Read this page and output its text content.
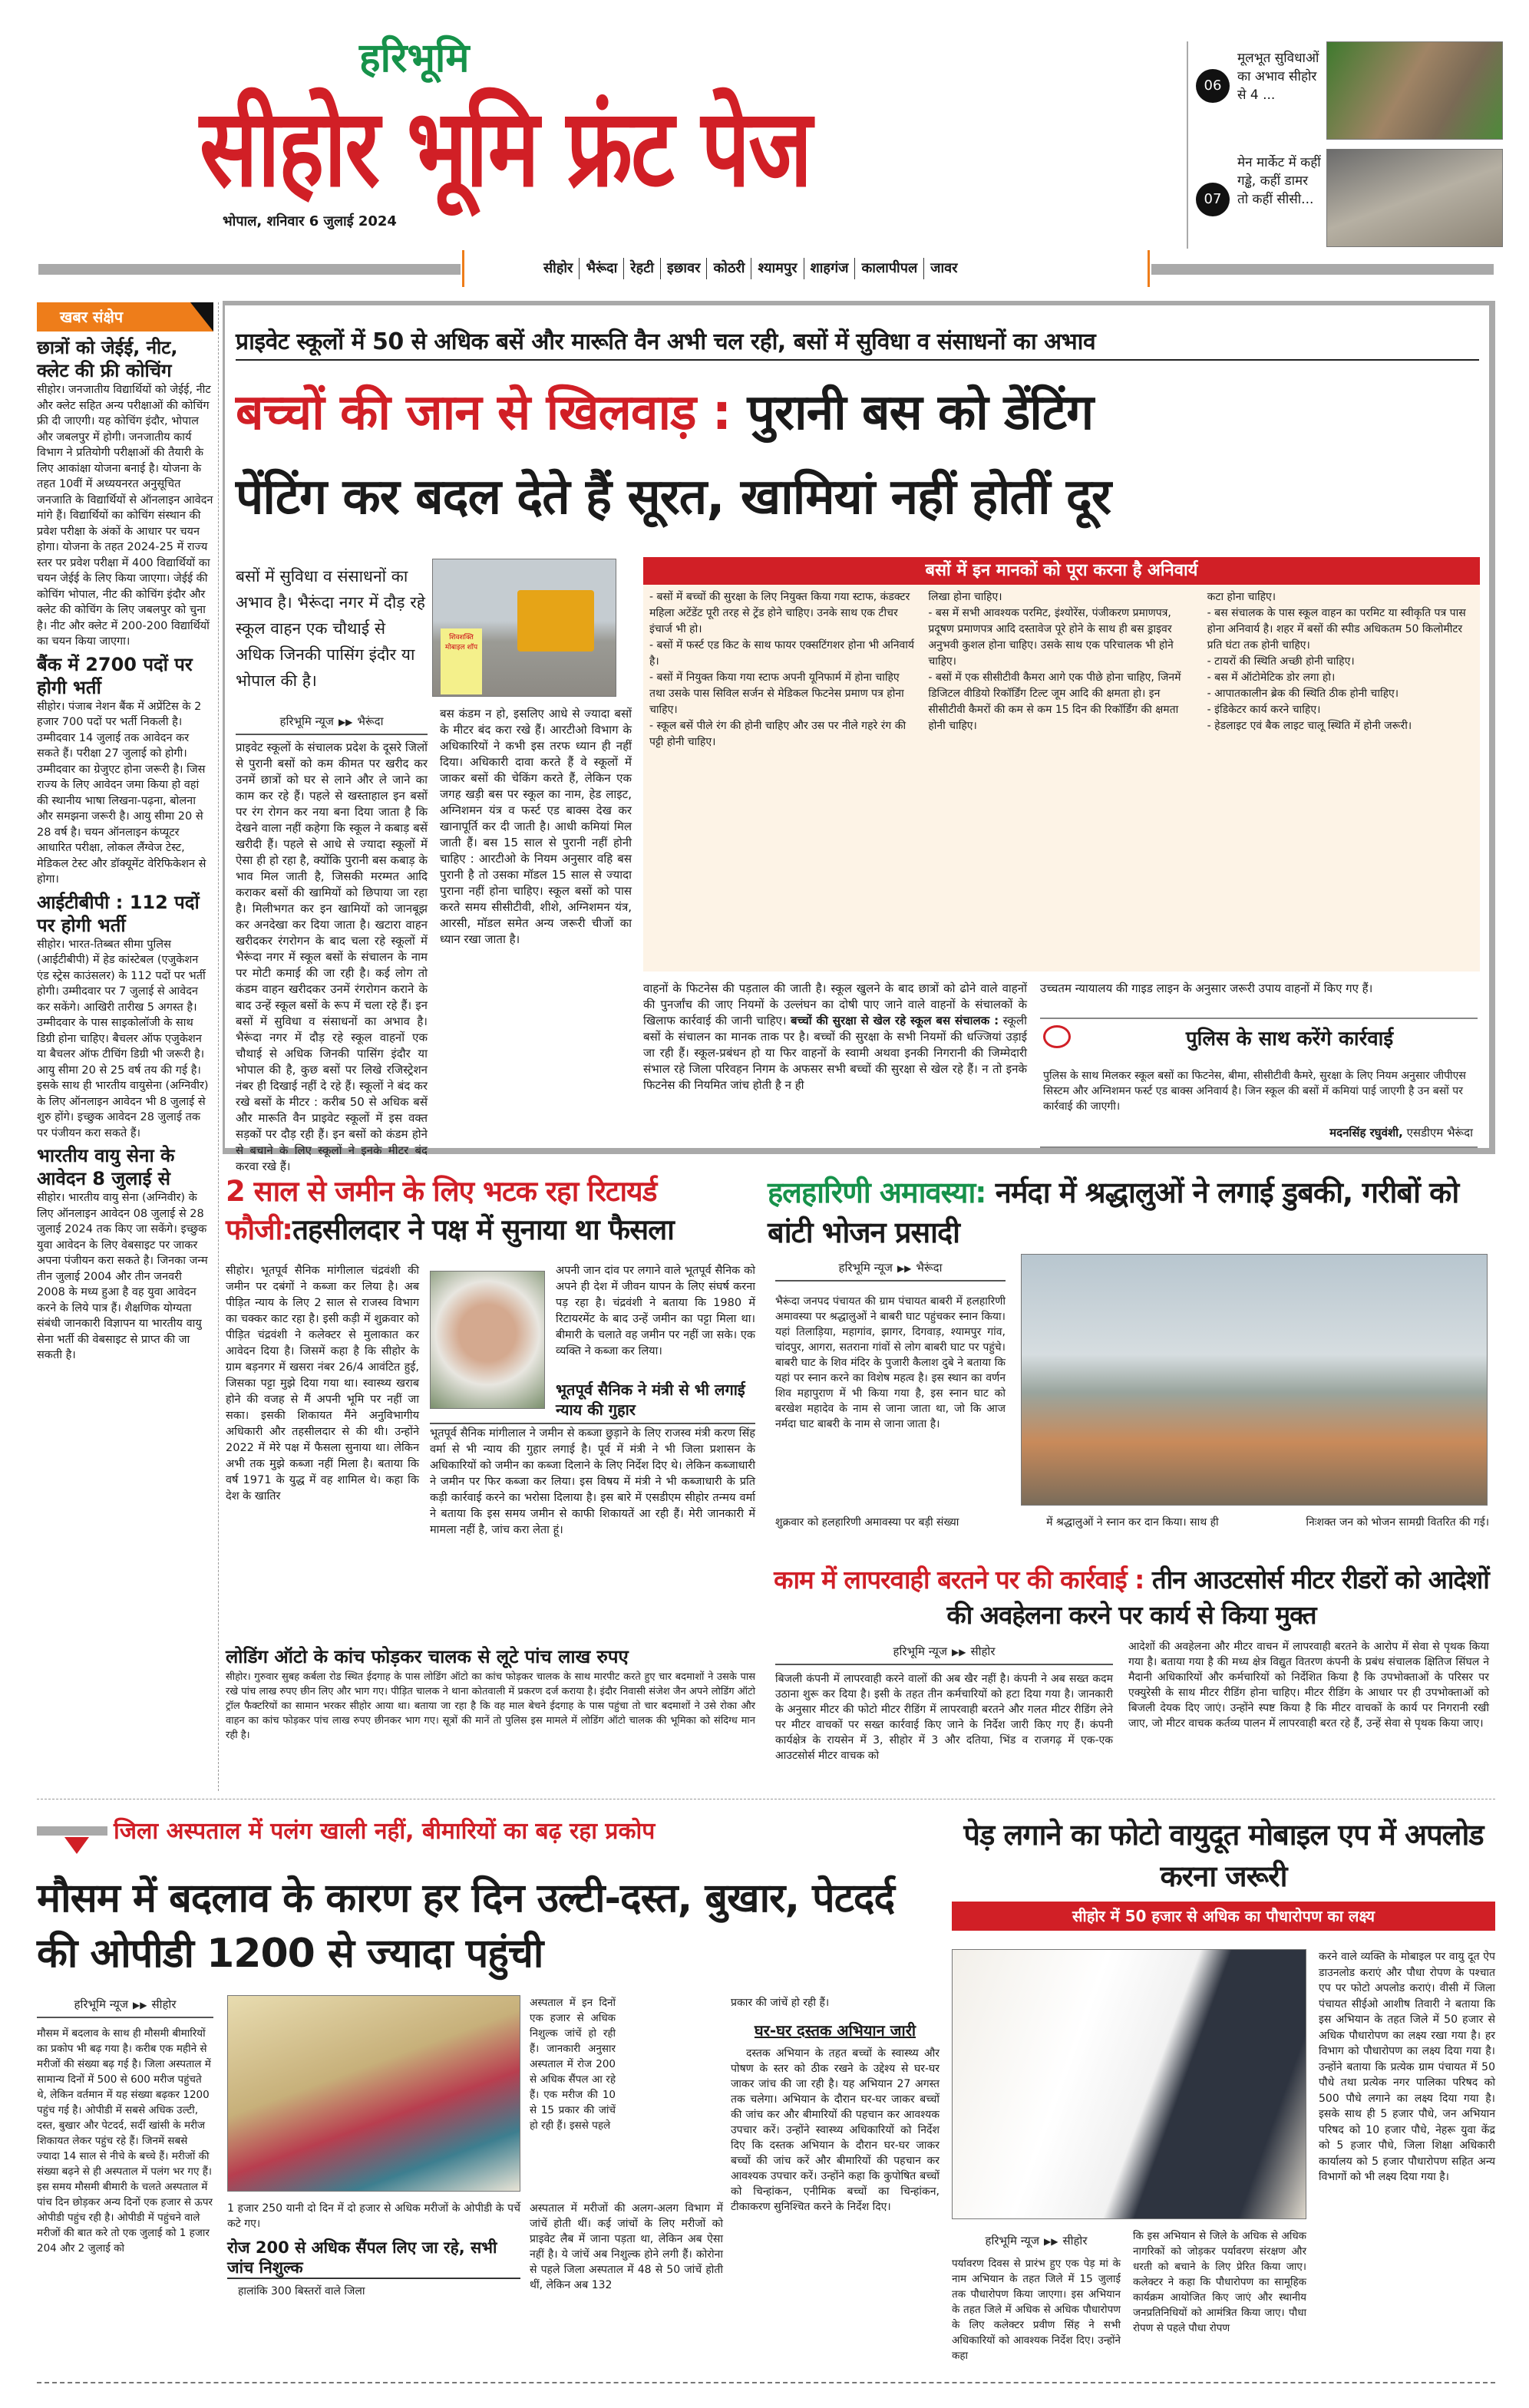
हरिभूमि
सीहोर भूमि फ्रंट पेज
भोपाल, शनिवार 6 जुलाई 2024
06
मूलभूत सुविधाओं का अभाव सीहोर से 4 ...
07
मेन मार्केट में कहीं गड्ढे, कहीं डामर तो कहीं सीसी...
सीहोर भैरूंदा रेहटी इछावर कोठरी श्यामपुर शाहगंज कालापीपल जावर
खबर संक्षेप
छात्रों को जेईई, नीट, क्लेट की फ्री कोचिंग

सीहोर। जनजातीय विद्यार्थियों को जेईई, नीट और क्लेट सहित अन्य परीक्षाओं की कोचिंग फ्री दी जाएगी। यह कोचिंग इंदौर, भोपाल और जबलपुर में होगी। जनजातीय कार्य विभाग ने प्रतियोगी परीक्षाओं की तैयारी के लिए आकांक्षा योजना बनाई है। योजना के तहत 10वीं में अध्ययनरत अनुसूचित जनजाति के विद्यार्थियों से ऑनलाइन आवेदन मांगे हैं। विद्यार्थियों का कोचिंग संस्थान की प्रवेश परीक्षा के अंकों के आधार पर चयन होगा। योजना के तहत 2024-25 में राज्य स्तर पर प्रवेश परीक्षा में 400 विद्यार्थियों का चयन जेईई के लिए किया जाएगा। जेईई की कोचिंग भोपाल, नीट की कोचिंग इंदौर और क्लेट की कोचिंग के लिए जबलपुर को चुना है। नीट और क्लेट में 200-200 विद्यार्थियों का चयन किया जाएगा।

बैंक में 2700 पदों पर होगी भर्ती

सीहोर। पंजाब नेशन बैंक में अप्रेंटिस के 2 हजार 700 पदों पर भर्ती निकली है। उम्मीदवार 14 जुलाई तक आवेदन कर सकते हैं। परीक्षा 27 जुलाई को होगी। उम्मीदवार का ग्रेजुएट होना जरूरी है। जिस राज्य के लिए आवेदन जमा किया हो वहां की स्थानीय भाषा लिखना-पढ़ना, बोलना और समझना जरूरी है। आयु सीमा 20 से 28 वर्ष है। चयन ऑनलाइन कंप्यूटर आधारित परीक्षा, लोकल लैंग्वेज टेस्ट, मेडिकल टेस्ट और डॉक्यूमेंट वेरिफिकेशन से होगा।

आईटीबीपी : 112 पदों पर होगी भर्ती

सीहोर। भारत-तिब्बत सीमा पुलिस (आईटीबीपी) में हेड कांस्टेबल (एजुकेशन एंड स्ट्रेस काउंसलर) के 112 पदों पर भर्ती होगी। उम्मीदवार पर 7 जुलाई से आवेदन कर सकेंगे। आखिरी तारीख 5 अगस्त है। उम्मीदवार के पास साइकोलॉजी के साथ डिग्री होना चाहिए। बैचलर ऑफ एजुकेशन या बैचलर ऑफ टीचिंग डिग्री भी जरूरी है। आयु सीमा 20 से 25 वर्ष तय की गई है। इसके साथ ही भारतीय वायुसेना (अग्निवीर) के लिए ऑनलाइन आवेदन भी 8 जुलाई से शुरु होंगे। इच्छुक आवेदन 28 जुलाई तक पर पंजीयन करा सकते हैं।

भारतीय वायु सेना के आवेदन 8 जुलाई से

सीहोर। भारतीय वायु सेना (अग्निवीर) के लिए ऑनलाइन आवेदन 08 जुलाई से 28 जुलाई 2024 तक किए जा सकेंगे। इच्छुक युवा आवेदन के लिए वेबसाइट पर जाकर अपना पंजीयन करा सकते है। जिनका जन्म तीन जुलाई 2004 और तीन जनवरी 2008 के मध्य हुआ है वह युवा आवेदन करने के लिये पात्र हैं। शैक्षणिक योग्यता संबंधी जानकारी विज्ञापन या भारतीय वायु सेना भर्ती की वेबसाइट से प्राप्त की जा सकती है।

प्राइवेट स्कूलों में 50 से अधिक बसें और मारूति वैन अभी चल रही, बसों में सुविधा व संसाधनों का अभाव
बच्चों की जान से खिलवाड़ : पुरानी बस को डेंटिंग
पेंटिंग कर बदल देते हैं सूरत, खामियां नहीं होतीं दूर
बसों में सुविधा व संसाधनों का अभाव है। भैरूंदा नगर में दौड़ रहे स्कूल वाहन एक चौथाई से अधिक जिनकी पासिंग इंदौर या भोपाल की है।
शिवशक्ति मोबाइल शॉप
हरिभूमि न्यूज ▶▶ भैरूंदा

प्राइवेट स्कूलों के संचालक प्रदेश के दूसरे जिलों से पुरानी बसों को कम कीमत पर खरीद कर उनमें छात्रों को घर से लाने और ले जाने का काम कर रहे हैं। पहले से खस्ताहाल इन बसों पर रंग रोगन कर नया बना दिया जाता है कि देखने वाला नहीं कहेगा कि स्कूल ने कबाड़ बसें खरीदी हैं। पहले से आधे से ज्यादा स्कूलों में ऐसा ही हो रहा है, क्योंकि पुरानी बस कबाड़ के भाव मिल जाती है, जिसकी मरम्मत आदि कराकर बसों की खामियों को छिपाया जा रहा है। मिलीभगत कर इन खामियों को जानबूझ कर अनदेखा कर दिया जाता है। खटारा वाहन खरीदकर रंगरोगन के बाद चला रहे स्कूलों में भैरूंदा नगर में स्कूल बसों के संचालन के नाम पर मोटी कमाई की जा रही है। कई लोग तो कंडम वाहन खरीदकर उनमें रंगरोगन कराने के बाद उन्हें स्कूल बसों के रूप में चला रहे हैं। इन बसों में सुविधा व संसाधनों का अभाव है। भैरूंदा नगर में दौड़ रहे स्कूल वाहनों एक चौथाई से अधिक जिनकी पासिंग इंदौर या भोपाल की है, कुछ बसों पर लिखे रजिस्ट्रेशन नंबर ही दिखाई नहीं दे रहे हैं। स्कूलों ने बंद कर रखे बसों के मीटर : करीब 50 से अधिक बसें और मारूति वैन प्राइवेट स्कूलों में इस वक्त सड़कों पर दौड़ रही हैं। इन बसों को कंडम होने से बचाने के लिए स्कूलों ने इनके मीटर बंद करवा रखे हैं।

बस कंडम न हो, इसलिए आधे से ज्यादा बसों के मीटर बंद करा रखे हैं। आरटीओ विभाग के अधिकारियों ने कभी इस तरफ ध्यान ही नहीं दिया। अधिकारी दावा करते हैं वे स्कूलों में जाकर बसों की चेकिंग करते हैं, लेकिन एक जगह खड़ी बस पर स्कूल का नाम, हेड लाइट, अग्निशमन यंत्र व फर्स्ट एड बाक्स देख कर खानापूर्ति कर दी जाती है। आधी कमियां मिल जाती हैं। बस 15 साल से पुरानी नहीं होनी चाहिए : आरटीओ के नियम अनुसार वहि बस पुरानी है तो उसका मॉडल 15 साल से ज्यादा पुराना नहीं होना चाहिए। स्कूल बसों को पास करते समय सीसीटीवी, शीशे, अग्निशमन यंत्र, आरसी, मॉडल समेत अन्य जरूरी चीजों का ध्यान रखा जाता है।

बसों में इन मानकों को पूरा करना है अनिवार्य
- बसों में बच्चों की सुरक्षा के लिए नियुक्त किया गया स्टाफ, कंडक्टर महिला अटेंडेंट पूरी तरह से ट्रेंड होने चाहिए। उनके साथ एक टीचर इंचार्ज भी हो।
- बसों में फर्स्ट एड किट के साथ फायर एक्सटिंगशर होना भी अनिवार्य है।
- बसों में नियुक्त किया गया स्टाफ अपनी यूनिफार्म में होना चाहिए तथा उसके पास सिविल सर्जन से मेडिकल फिटनेस प्रमाण पत्र होना चाहिए।
- स्कूल बसें पीले रंग की होनी चाहिए और उस पर नीले गहरे रंग की पट्टी होनी चाहिए।
लिखा होना चाहिए।
- बस में सभी आवश्यक परमिट, इंश्योरेंस, पंजीकरण प्रमाणपत्र, प्रदूषण प्रमाणपत्र आदि दस्तावेज पूरे होने के साथ ही बस ड्राइवर अनुभवी कुशल होना चाहिए। उसके साथ एक परिचालक भी होने चाहिए।
- बसों में एक सीसीटीवी कैमरा आगे एक पीछे होना चाहिए, जिनमें डिजिटल वीडियो रिकॉर्डिंग टिल्ट जूम आदि की क्षमता हो। इन सीसीटीवी कैमरों की कम से कम 15 दिन की रिकॉर्डिंग की क्षमता होनी चाहिए।
कटा होना चाहिए।
- बस संचालक के पास स्कूल वाहन का परमिट या स्वीकृति पत्र पास होना अनिवार्य है। शहर में बसों की स्पीड अधिकतम 50 किलोमीटर प्रति घंटा तक होनी चाहिए।
- टायरों की स्थिति अच्छी होनी चाहिए।
- बस में ऑटोमेटिक डोर लगा हो।
- आपातकालीन ब्रेक की स्थिति ठीक होनी चाहिए।
- इंडिकेटर कार्य करने चाहिए।
- हेडलाइट एवं बैक लाइट चालू स्थिति में होनी जरूरी।
वाहनों के फिटनेस की पड़ताल की जाती है। स्कूल खुलने के बाद छात्रों को ढोने वाले वाहनों की पुनर्जांच की जाए नियमों के उल्लंघन का दोषी पाए जाने वाले वाहनों के संचालकों के खिलाफ कार्रवाई की जानी चाहिए। बच्चों की सुरक्षा से खेल रहे स्कूल बस संचालक : स्कूली बसों के संचालन का मानक ताक पर है। बच्चों की सुरक्षा के सभी नियमों की धज्जियां उड़ाई जा रही हैं। स्कूल-प्रबंधन हो या फिर वाहनों के स्वामी अथवा इनकी निगरानी की जिम्मेदारी संभाल रहे जिला परिवहन निगम के अफसर सभी बच्चों की सुरक्षा से खेल रहे हैं। न तो इनके फिटनेस की नियमित जांच होती है न ही
उच्चतम न्यायालय की गाइड लाइन के अनुसार जरूरी उपाय वाहनों में किए गए हैं।
पुलिस के साथ करेंगे कार्रवाई
पुलिस के साथ मिलकर स्कूल बसों का फिटनेस, बीमा, सीसीटीवी कैमरे, सुरक्षा के लिए नियम अनुसार जीपीएस सिस्टम और अग्निशमन फर्स्ट एड बाक्स अनिवार्य है। जिन स्कूल की बसों में कमियां पाई जाएगी है उन बसों पर कार्रवाई की जाएगी।
मदनसिंह रघुवंशी, एसडीएम भैरूंदा
2 साल से जमीन के लिए भटक रहा रिटायर्ड फौजी:तहसीलदार ने पक्ष में सुनाया था फैसला
सीहोर। भूतपूर्व सैनिक मांगीलाल चंद्रवंशी की जमीन पर दबंगों ने कब्जा कर लिया है। अब पीड़ित न्याय के लिए 2 साल से राजस्व विभाग का चक्कर काट रहा है। इसी कड़ी में शुक्रवार को पीड़ित चंद्रवंशी ने कलेक्टर से मुलाकात कर आवेदन दिया है। जिसमें कहा है कि सीहोर के ग्राम बड़नगर में खसरा नंबर 26/4 आवंटित हुई, जिसका पट्टा मुझे दिया गया था। स्वास्थ्य खराब होने की वजह से मैं अपनी भूमि पर नहीं जा सका। इसकी शिकायत मैंने अनुविभागीय अधिकारी और तहसीलदार से की थी। उन्होंने 2022 में मेरे पक्ष में फैसला सुनाया था। लेकिन अभी तक मुझे कब्जा नहीं मिला है। बताया कि वर्ष 1971 के युद्ध में वह शामिल थे। कहा कि देश के खातिर
अपनी जान दांव पर लगाने वाले भूतपूर्व सैनिक को अपने ही देश में जीवन यापन के लिए संघर्ष करना पड़ रहा है। चंद्रवंशी ने बताया कि 1980 में रिटायरमेंट के बाद उन्हें जमीन का पट्टा मिला था। बीमारी के चलाते वह जमीन पर नहीं जा सके। एक व्यक्ति ने कब्जा कर लिया।
भूतपूर्व सैनिक ने मंत्री से भी लगाई न्याय की गुहार
भूतपूर्व सैनिक मांगीलाल ने जमीन से कब्जा छुड़ाने के लिए राजस्व मंत्री करण सिंह वर्मा से भी न्याय की गुहार लगाई है। पूर्व में मंत्री ने भी जिला प्रशासन के अधिकारियों को जमीन का कब्जा दिलाने के लिए निर्देश दिए थे। लेकिन कब्जाधारी ने जमीन पर फिर कब्जा कर लिया। इस विषय में मंत्री ने भी कब्जाधारी के प्रति कड़ी कार्रवाई करने का भरोसा दिलाया है। इस बारे में एसडीएम सीहोर तन्मय वर्मा ने बताया कि इस समय जमीन से काफी शिकायतें आ रही हैं। मेरी जानकारी में मामला नहीं है, जांच करा लेता हूं।
लोडिंग ऑटो के कांच फोड़कर चालक से लूटे पांच लाख रुपए

सीहोर। गुरुवार सुबह कर्बला रोड स्थित ईदगाह के पास लोडिंग ऑटो का कांच फोड़कर चालक के साथ मारपीट करते हुए चार बदमाशों ने उसके पास रखे पांच लाख रुपए छीन लिए और भाग गए। पीड़ित चालक ने थाना कोतवाली में प्रकरण दर्ज कराया है। इंदौर निवासी संजेश जैन अपने लोडिंग ऑटो ट्रॉल फैक्टरियों का सामान भरकर सीहोर आया था। बताया जा रहा है कि वह माल बेचने ईदगाह के पास पहुंचा तो चार बदमाशों ने उसे रोका और वाहन का कांच फोड़कर पांच लाख रुपए छीनकर भाग गए। सूत्रों की मानें तो पुलिस इस मामले में लोडिंग ऑटो चालक की भूमिका को संदिग्ध मान रही है।

हलहारिणी अमावस्या: नर्मदा में श्रद्धालुओं ने लगाई डुबकी, गरीबों को बांटी भोजन प्रसादी
हरिभूमि न्यूज ▶▶ भैरूंदा

भैरूंदा जनपद पंचायत की ग्राम पंचायत बाबरी में हलहारिणी अमावस्या पर श्रद्धालुओं ने बाबरी घाट पहुंचकर स्नान किया। यहां तिलाड़िया, महागांव, झागर, दिगवाड़, श्यामपुर गांव, चांदपुर, आगरा, सतराना गांवों से लोग बाबरी घाट पर पहुंचे। बाबरी घाट के शिव मंदिर के पुजारी कैलाश दुबे ने बताया कि यहां पर स्नान करने का विशेष महत्व है। इस स्थान का वर्णन शिव महापुराण में भी किया गया है, इस स्नान घाट को बरखेश महादेव के नाम से जाना जाता था, जो कि आज नर्मदा घाट बाबरी के नाम से जाना जाता है।

शुक्रवार को हलहारिणी अमावस्या पर बड़ी संख्या	में श्रद्धालुओं ने स्नान कर दान किया। साथ ही	निःशक्त जन को भोजन सामग्री वितरित की गई।
काम में लापरवाही बरतने पर की कार्रवाई : तीन आउटसोर्स मीटर रीडरों को आदेशों की अवहेलना करने पर कार्य से किया मुक्त
हरिभूमि न्यूज ▶▶ सीहोर

बिजली कंपनी में लापरवाही करने वालों की अब खैर नहीं है। कंपनी ने अब सख्त कदम उठाना शुरू कर दिया है। इसी के तहत तीन कर्मचारियों को हटा दिया गया है। जानकारी के अनुसार मीटर की फोटो मीटर रीडिंग में लापरवाही बरतने और गलत मीटर रीडिंग लेने पर मीटर वाचकों पर सख्त कार्रवाई किए जाने के निर्देश जारी किए गए हैं। कंपनी कार्यक्षेत्र के रायसेन में 3, सीहोर में 3 और दतिया, भिंड व राजगढ़ में एक-एक आउटसोर्स मीटर वाचक को

आदेशों की अवहेलना और मीटर वाचन में लापरवाही बरतने के आरोप में सेवा से पृथक किया गया है। बताया गया है की मध्य क्षेत्र विद्युत वितरण कंपनी के प्रबंध संचालक क्षितिज सिंघल ने मैदानी अधिकारियों और कर्मचारियों को निर्देशित किया है कि उपभोक्ताओं के परिसर पर एक्युरेसी के साथ मीटर रीडिंग होना चाहिए। मीटर रीडिंग के आधार पर ही उपभोक्ताओं को बिजली देयक दिए जाएं। उन्होंने स्पष्ट किया है कि मीटर वाचकों के कार्य पर निगरानी रखी जाए, जो मीटर वाचक कर्तव्य पालन में लापरवाही बरत रहे हैं, उन्हें सेवा से पृथक किया जाए।

जिला अस्पताल में पलंग खाली नहीं, बीमारियों का बढ़ रहा प्रकोप
मौसम में बदलाव के कारण हर दिन उल्टी-दस्त, बुखार, पेटदर्द की ओपीडी 1200 से ज्यादा पहुंची
हरिभूमि न्यूज ▶▶ सीहोर

मौसम में बदलाव के साथ ही मौसमी बीमारियों का प्रकोप भी बढ़ गया है। करीब एक महीने से मरीजों की संख्या बढ़ गई है। जिला अस्पताल में सामान्य दिनों में 500 से 600 मरीज पहुंचते थे, लेकिन वर्तमान में यह संख्या बढ़कर 1200 पहुंच गई है। ओपीडी में सबसे अधिक उल्टी, दस्त, बुखार और पेटदर्द, सर्दी खांसी के मरीज शिकायत लेकर पहुंच रहे हैं। जिनमें सबसे ज्यादा 14 साल से नीचे के बच्चे हैं। मरीजों की संख्या बढ़ने से ही अस्पताल में पलंग भर गए हैं। इस समय मौसमी बीमारी के चलते अस्पताल में पांच दिन छोड़कर अन्य दिनों एक हजार से ऊपर ओपीडी पहुंच रही है। ओपीडी में पहुंचने वाले मरीजों की बात करे तो एक जुलाई को 1 हजार 204 और 2 जुलाई को

1 हजार 250 यानी दो दिन में दो हजार से अधिक मरीजों के ओपीडी के पर्चे कटे गए।

रोज 200 से अधिक सैंपल लिए जा रहे, सभी जांच निशुल्क

हालांकि 300 बिस्तरों वाले जिला

अस्पताल में इन दिनों एक हजार से अधिक निशुल्क जांचें हो रही हैं। जानकारी अनुसार अस्पताल में रोज 200 से अधिक सैंपल आ रहे हैं। एक मरीज की 10 से 15 प्रकार की जांचें हो रही हैं। इससे पहले

अस्पताल में मरीजों की अलग-अलग विभाग में जांचें होती थीं। कई जांचों के लिए मरीजों को प्राइवेट लैब में जाना पड़ता था, लेकिन अब ऐसा नहीं है। ये जांचें अब निशुल्क होने लगी हैं। कोरोना से पहले जिला अस्पताल में 48 से 50 जांचें होती थीं, लेकिन अब 132

प्रकार की जांचें हो रही हैं।
घर-घर दस्तक अभियान जारी
दस्तक अभियान के तहत बच्चों के स्वास्थ्य और पोषण के स्तर को ठीक रखने के उद्देश्य से घर-घर जाकर जांच की जा रही है। यह अभियान 27 अगस्त तक चलेगा। अभियान के दौरान घर-घर जाकर बच्चों की जांच कर और बीमारियों की पहचान कर आवश्यक उपचार करें। उन्होंने स्वास्थ्य अधिकारियों को निर्देश दिए कि दस्तक अभियान के दौरान घर-घर जाकर बच्चों की जांच करें और बीमारियों की पहचान कर आवश्यक उपचार करें। उन्होंने कहा कि कुपोषित बच्चों को चिन्हांकन, एनीमिक बच्चों का चिन्हांकन, टीकाकरण सुनिश्चित करने के निर्देश दिए।
पेड़ लगाने का फोटो वायुदूत मोबाइल एप में अपलोड करना जरूरी
सीहोर में 50 हजार से अधिक का पौधारोपण का लक्ष्य
हरिभूमि न्यूज ▶▶ सीहोर

पर्यावरण दिवस से प्रारंभ हुए एक पेड़ मां के नाम अभियान के तहत जिले में 15 जुलाई तक पौधारोपण किया जाएगा। इस अभियान के तहत जिले में अधिक से अधिक पौधारोपण के लिए कलेक्टर प्रवीण सिंह ने सभी अधिकारियों को आवश्यक निर्देश दिए। उन्होंने कहा

कि इस अभियान से जिले के अधिक से अधिक नागरिकों को जोड़कर पर्यावरण संरक्षण और धरती को बचाने के लिए प्रेरित किया जाए। कलेक्टर ने कहा कि पौधारोपण का सामूहिक कार्यक्रम आयोजित किए जाएं और स्थानीय जनप्रतिनिधियों को आमंत्रित किया जाए। पौधा रोपण से पहले पौधा रोपण

करने वाले व्यक्ति के मोबाइल पर वायु दूत ऐप डाउनलोड कराएं और पौधा रोपण के पश्चात एप पर फोटो अपलोड कराएं। वीसी में जिला पंचायत सीईओ आशीष तिवारी ने बताया कि इस अभियान के तहत जिले में 50 हजार से अधिक पौधारोपण का लक्ष्य रखा गया है। हर विभाग को पौधारोपण का लक्ष्य दिया गया है। उन्होंने बताया कि प्रत्येक ग्राम पंचायत में 50 पौधे तथा प्रत्येक नगर पालिका परिषद को 500 पौधे लगाने का लक्ष्य दिया गया है। इसके साथ ही 5 हजार पौधे, जन अभियान परिषद को 10 हजार पौधे, नेहरू युवा केंद्र को 5 हजार पौधे, जिला शिक्षा अधिकारी कार्यालय को 5 हजार पौधारोपण सहित अन्य विभागों को भी लक्ष्य दिया गया है।
